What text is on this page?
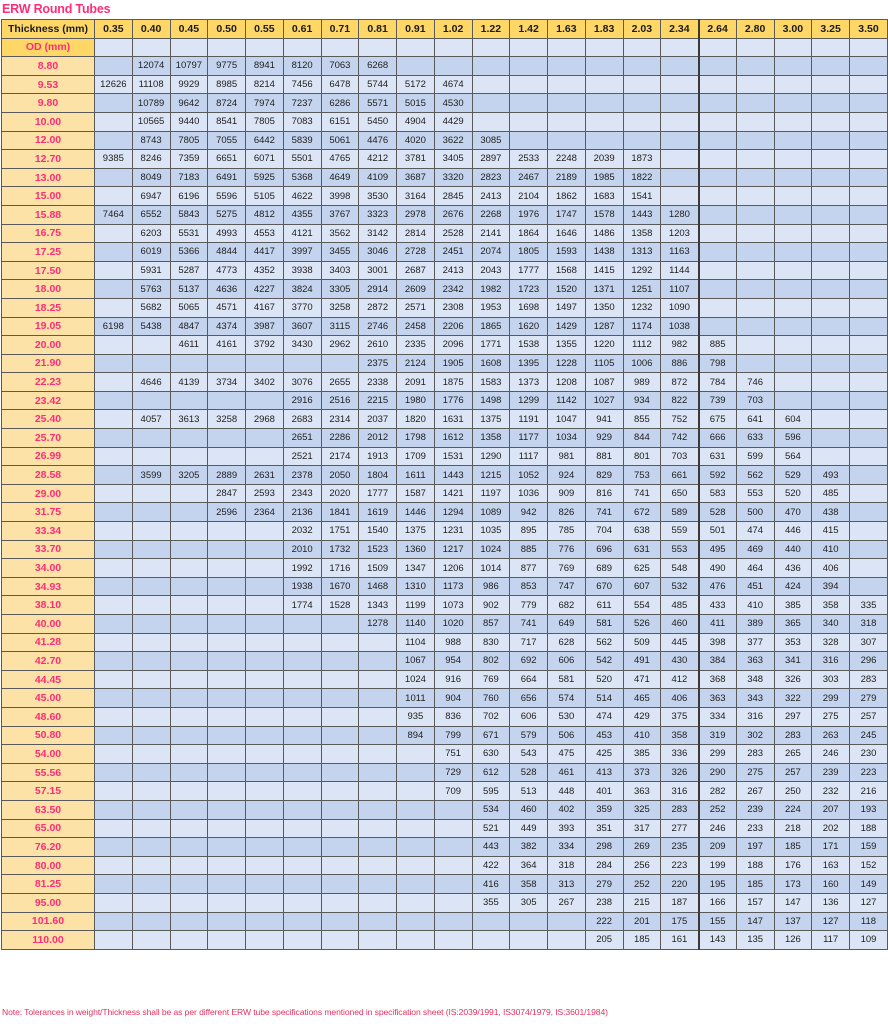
ERW Round Tubes
Thickness (mm)	0.35	0.40	0.45	0.50	0.55	0.61	0.71	0.81	0.91	1.02	1.22	1.42	1.63	1.83	2.03	2.34	2.64	2.80	3.00	3.25	3.50
OD (mm)																					
8.80		12074	10797	9775	8941	8120	7063	6268													
9.53	12626	11108	9929	8985	8214	7456	6478	5744	5172	4674											
9.80		10789	9642	8724	7974	7237	6286	5571	5015	4530											
10.00		10565	9440	8541	7805	7083	6151	5450	4904	4429											
12.00		8743	7805	7055	6442	5839	5061	4476	4020	3622	3085										
12.70	9385	8246	7359	6651	6071	5501	4765	4212	3781	3405	2897	2533	2248	2039	1873						
13.00		8049	7183	6491	5925	5368	4649	4109	3687	3320	2823	2467	2189	1985	1822						
15.00		6947	6196	5596	5105	4622	3998	3530	3164	2845	2413	2104	1862	1683	1541						
15.88	7464	6552	5843	5275	4812	4355	3767	3323	2978	2676	2268	1976	1747	1578	1443	1280					
16.75		6203	5531	4993	4553	4121	3562	3142	2814	2528	2141	1864	1646	1486	1358	1203					
17.25		6019	5366	4844	4417	3997	3455	3046	2728	2451	2074	1805	1593	1438	1313	1163					
17.50		5931	5287	4773	4352	3938	3403	3001	2687	2413	2043	1777	1568	1415	1292	1144					
18.00		5763	5137	4636	4227	3824	3305	2914	2609	2342	1982	1723	1520	1371	1251	1107					
18.25		5682	5065	4571	4167	3770	3258	2872	2571	2308	1953	1698	1497	1350	1232	1090					
19.05	6198	5438	4847	4374	3987	3607	3115	2746	2458	2206	1865	1620	1429	1287	1174	1038					
20.00			4611	4161	3792	3430	2962	2610	2335	2096	1771	1538	1355	1220	1112	982	885				
21.90								2375	2124	1905	1608	1395	1228	1105	1006	886	798				
22.23		4646	4139	3734	3402	3076	2655	2338	2091	1875	1583	1373	1208	1087	989	872	784	746			
23.42						2916	2516	2215	1980	1776	1498	1299	1142	1027	934	822	739	703			
25.40		4057	3613	3258	2968	2683	2314	2037	1820	1631	1375	1191	1047	941	855	752	675	641	604		
25.70						2651	2286	2012	1798	1612	1358	1177	1034	929	844	742	666	633	596		
26.99						2521	2174	1913	1709	1531	1290	1117	981	881	801	703	631	599	564		
28.58		3599	3205	2889	2631	2378	2050	1804	1611	1443	1215	1052	924	829	753	661	592	562	529	493	
29.00				2847	2593	2343	2020	1777	1587	1421	1197	1036	909	816	741	650	583	553	520	485	
31.75				2596	2364	2136	1841	1619	1446	1294	1089	942	826	741	672	589	528	500	470	438	
33.34						2032	1751	1540	1375	1231	1035	895	785	704	638	559	501	474	446	415	
33.70						2010	1732	1523	1360	1217	1024	885	776	696	631	553	495	469	440	410	
34.00						1992	1716	1509	1347	1206	1014	877	769	689	625	548	490	464	436	406	
34.93						1938	1670	1468	1310	1173	986	853	747	670	607	532	476	451	424	394	
38.10						1774	1528	1343	1199	1073	902	779	682	611	554	485	433	410	385	358	335
40.00								1278	1140	1020	857	741	649	581	526	460	411	389	365	340	318
41.28									1104	988	830	717	628	562	509	445	398	377	353	328	307
42.70									1067	954	802	692	606	542	491	430	384	363	341	316	296
44.45									1024	916	769	664	581	520	471	412	368	348	326	303	283
45.00									1011	904	760	656	574	514	465	406	363	343	322	299	279
48.60									935	836	702	606	530	474	429	375	334	316	297	275	257
50.80									894	799	671	579	506	453	410	358	319	302	283	263	245
54.00										751	630	543	475	425	385	336	299	283	265	246	230
55.56										729	612	528	461	413	373	326	290	275	257	239	223
57.15										709	595	513	448	401	363	316	282	267	250	232	216
63.50											534	460	402	359	325	283	252	239	224	207	193
65.00											521	449	393	351	317	277	246	233	218	202	188
76.20											443	382	334	298	269	235	209	197	185	171	159
80.00											422	364	318	284	256	223	199	188	176	163	152
81.25											416	358	313	279	252	220	195	185	173	160	149
95.00											355	305	267	238	215	187	166	157	147	136	127
101.60														222	201	175	155	147	137	127	118
110.00														205	185	161	143	135	126	117	109
Note: Tolerances in weight/Thickness shall be as per different ERW tube specifications mentioned in specification sheet (IS:2039/1991, IS3074/1979, IS:3601/1984)
